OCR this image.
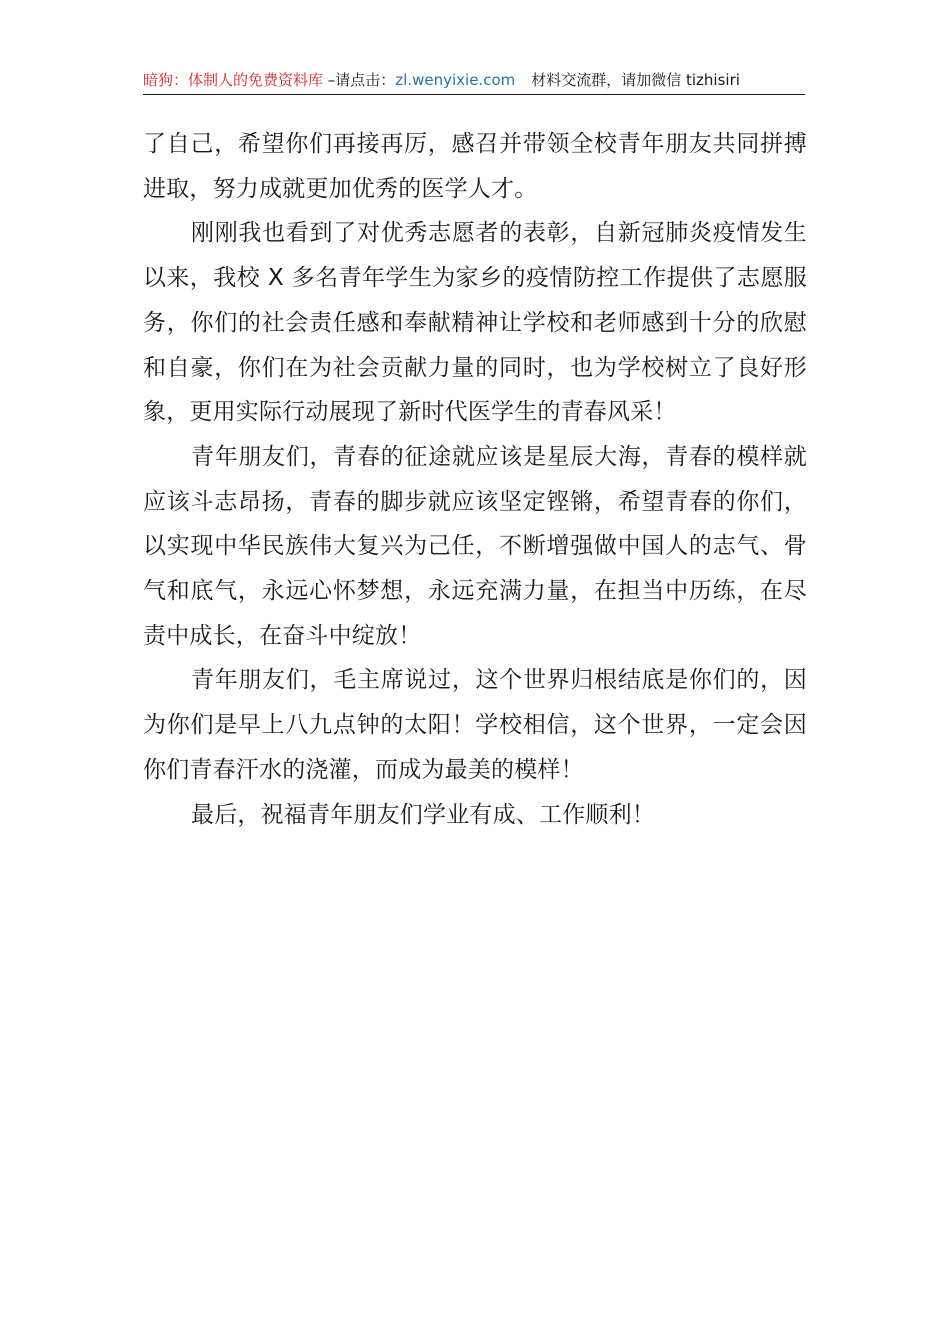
暗狗：体制人的免费资料库 –请点击：zl.wenyixie.com 材料交流群，请加微信 tizhisiri

了自己，希望你们再接再厉，感召并带领全校青年朋友共同拼搏进取，努力成就更加优秀的医学人才。

刚刚我也看到了对优秀志愿者的表彰，自新冠肺炎疫情发生以来，我校 X 多名青年学生为家乡的疫情防控工作提供了志愿服务，你们的社会责任感和奉献精神让学校和老师感到十分的欣慰和自豪，你们在为社会贡献力量的同时，也为学校树立了良好形象，更用实际行动展现了新时代医学生的青春风采！

青年朋友们，青春的征途就应该是星辰大海，青春的模样就应该斗志昂扬，青春的脚步就应该坚定铿锵，希望青春的你们，以实现中华民族伟大复兴为己任，不断增强做中国人的志气、骨气和底气，永远心怀梦想，永远充满力量，在担当中历练，在尽责中成长，在奋斗中绽放！

青年朋友们，毛主席说过，这个世界归根结底是你们的，因为你们是早上八九点钟的太阳！学校相信，这个世界，一定会因你们青春汗水的浇灌，而成为最美的模样！

最后，祝福青年朋友们学业有成、工作顺利！
